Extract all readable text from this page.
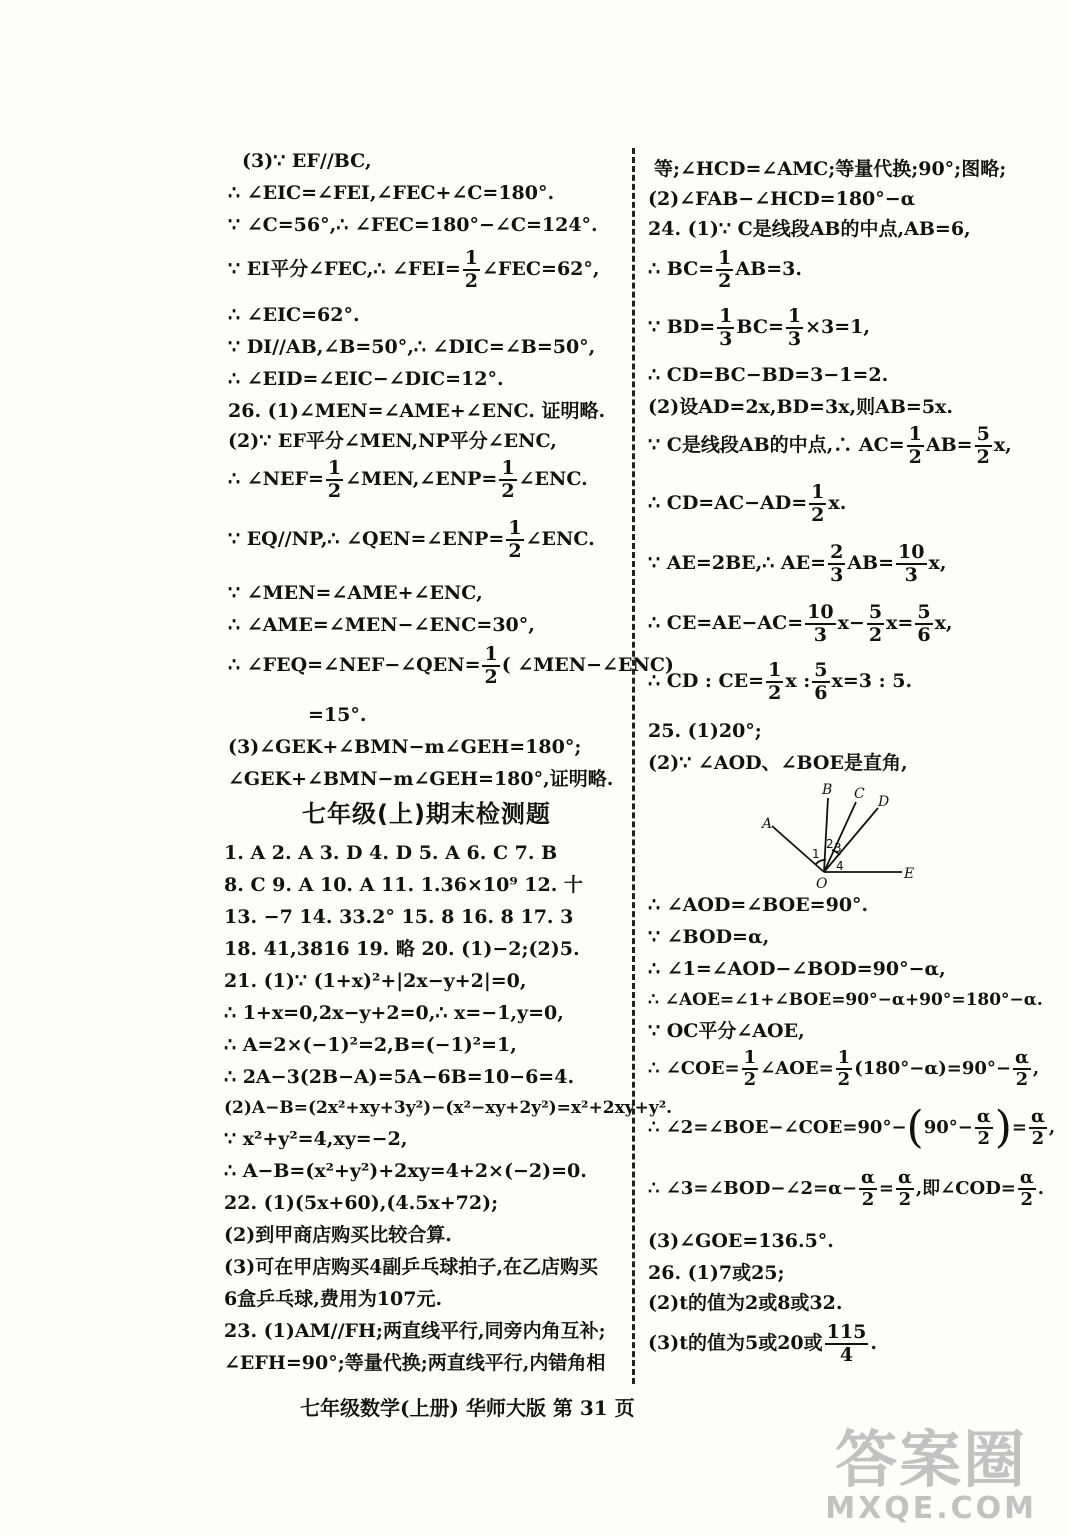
(3)∵ EF//BC,
∴ ∠EIC=∠FEI,∠FEC+∠C=180°.
∵ ∠C=56°,∴ ∠FEC=180°−∠C=124°.
∵ EI平分∠FEC,∴ ∠FEI= $\frac{1}{2}$ ∠FEC=62°,
∴ ∠EIC=62°.
∵ DI//AB,∠B=50°,∴ ∠DIC=∠B=50°,
∴ ∠EID=∠EIC−∠DIC=12°.
26. (1)∠MEN=∠AME+∠ENC. 证明略.
(2)∵ EF平分∠MEN,NP平分∠ENC,
∴ ∠NEF= $\frac{1}{2}$ ∠MEN,∠ENP= $\frac{1}{2}$ ∠ENC.
∵ EQ//NP,∴ ∠QEN=∠ENP= $\frac{1}{2}$ ∠ENC.
∵ ∠MEN=∠AME+∠ENC,
∴ ∠AME=∠MEN−∠ENC=30°,
∴ ∠FEQ=∠NEF−∠QEN= $\frac{1}{2}$ ( ∠MEN−∠ENC)
=15°.
(3)∠GEK+∠BMN−m∠GEH=180°;
∠GEK+∠BMN−m∠GEH=180°,证明略.
七年级(上)期末检测题
1. A 2. A 3. D 4. D 5. A 6. C 7. B
8. C 9. A 10. A 11. 1.36×10⁹ 12. 十
13. −7 14. 33.2° 15. 8 16. 8 17. 3
18. 41,3816 19. 略 20. (1)−2;(2)5.
21. (1)∵ (1+x)²+|2x−y+2|=0,
∴ 1+x=0,2x−y+2=0,∴ x=−1,y=0,
∴ A=2×(−1)²=2,B=(−1)²=1,
∴ 2A−3(2B−A)=5A−6B=10−6=4.
(2)A−B=(2x²+xy+3y²)−(x²−xy+2y²)=x²+2xy+y².
∵ x²+y²=4,xy=−2,
∴ A−B=(x²+y²)+2xy=4+2×(−2)=0.
22. (1)(5x+60),(4.5x+72);
(2)到甲商店购买比较合算.
(3)可在甲店购买4副乒乓球拍子,在乙店购买
6盒乒乓球,费用为107元.
23. (1)AM//FH;两直线平行,同旁内角互补;
∠EFH=90°;等量代换;两直线平行,内错角相
等;∠HCD=∠AMC;等量代换;90°;图略;
(2)∠FAB−∠HCD=180°−α
24. (1)∵ C是线段AB的中点,AB=6,
∴ $BC= \frac{1}{2} AB=3$.
∵ $BD= \frac{1}{3} BC= \frac{1}{3} \times 3=1$,
∴ CD=BC−BD=3−1=2.
(2)设AD=2x,BD=3x,则AB=5x.
∵ C是线段AB的中点,∴ $AC= \frac{1}{2} AB= \frac{5}{2} x$,
∴ $CD=AC-AD= \frac{1}{2} x$.
∵ AE=2BE,∴ $AE= \frac{2}{3} AB= \frac{10}{3} x$,
∴ $CE=AE-AC= \frac{10}{3} x- \frac{5}{2} x= \frac{5}{6} x$,
∴ CD : $CE= \frac{1}{2}$ x : $\frac{5}{6} x=3$ : 5.
25. (1)20°;
(2)∵ ∠AOD、∠BOE是直角,
∴ ∠AOD=∠BOE=90°.
∵ ∠BOD=α,
∴ ∠1=∠AOD−∠BOD=90°−α,
∴ ∠AOE=∠1+∠BOE=90°−α+90°=180°−α.
∵ OC平分∠AOE,
∴ ∠COE= $\frac{1}{2}$ ∠AOE= $\frac{1}{2} (180^\circ-\alpha)=90^\circ- \frac{\alpha}{2}$ ,
∴ ∠2=∠BOE−∠COE=90°−(90°− $\frac{\alpha}{2}$ )= $\frac{\alpha}{2}$ ,
∴ ∠3=∠BOD−∠2=α− $\frac{\alpha}{2} = \frac{\alpha}{2}$ ,即∠COD= $\frac{\alpha}{2}$ .
(3)∠GOE=136.5°.
26. (1)7或25;
(2)t的值为2或8或32.
(3)t的值为5或20或 $\frac{115}{4}$ .
A
B C D
E
O
1
2 3
4
七年级数学(上册) 华师大版 第 31 页
答案圈
MXQE.COM
